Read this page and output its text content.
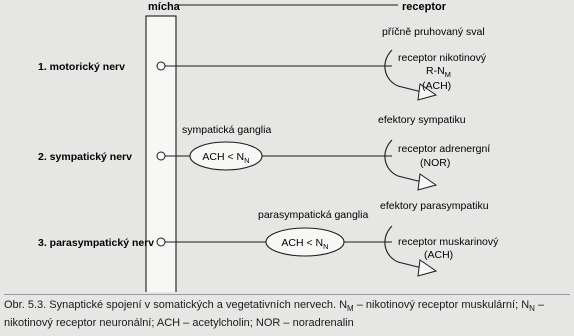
mícha	receptor
1. motorický nerv
2. sympatický nerv
3. parasympatický nerv
sympatická ganglia
ACH < $N_N$
parasympatická ganglia
ACH < $N_N$
příčně pruhovaný sval
receptor nikotinový
$R-N_M$
(ACH)
efektory sympatiku
receptor adrenergní
(NOR)
efektory parasympatiku
receptor muskarinový
(ACH)
Obr. 5.3. Synaptické spojení v somatických a vegetativních nervech. $N_M$ – nikotinový receptor muskulární; $N_N$ – nikotinový receptor neuronální; ACH – acetylcholin; NOR – noradrenalin
